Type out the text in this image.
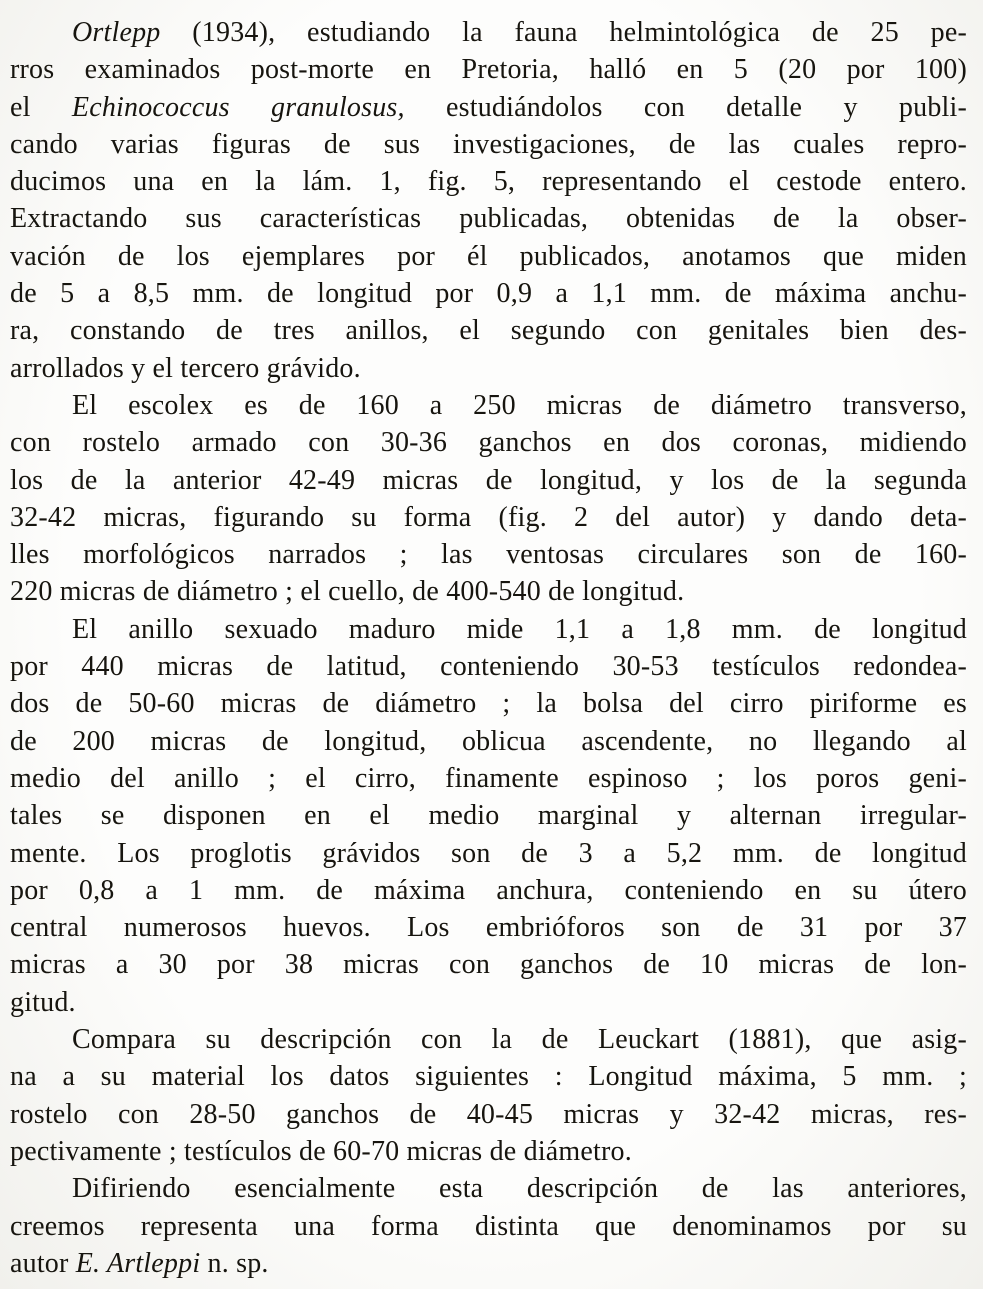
Ortlepp (1934), estudiando la fauna helmintológica de 25 pe-
rros examinados post-morte en Pretoria, halló en 5 (20 por 100)
el Echinococcus granulosus, estudiándolos con detalle y publi-
cando varias figuras de sus investigaciones, de las cuales repro-
ducimos una en la lám. 1, fig. 5, representando el cestode entero.
Extractando sus características publicadas, obtenidas de la obser-
vación de los ejemplares por él publicados, anotamos que miden
de 5 a 8,5 mm. de longitud por 0,9 a 1,1 mm. de máxima anchu-
ra, constando de tres anillos, el segundo con genitales bien des-
arrollados y el tercero grávido.
El escolex es de 160 a 250 micras de diámetro transverso,
con rostelo armado con 30-36 ganchos en dos coronas, midiendo
los de la anterior 42-49 micras de longitud, y los de la segunda
32-42 micras, figurando su forma (fig. 2 del autor) y dando deta-
lles morfológicos narrados ; las ventosas circulares son de 160-
220 micras de diámetro ; el cuello, de 400-540 de longitud.
El anillo sexuado maduro mide 1,1 a 1,8 mm. de longitud
por 440 micras de latitud, conteniendo 30-53 testículos redondea-
dos de 50-60 micras de diámetro ; la bolsa del cirro piriforme es
de 200 micras de longitud, oblicua ascendente, no llegando al
medio del anillo ; el cirro, finamente espinoso ; los poros geni-
tales se disponen en el medio marginal y alternan irregular-
mente. Los proglotis grávidos son de 3 a 5,2 mm. de longitud
por 0,8 a 1 mm. de máxima anchura, conteniendo en su útero
central numerosos huevos. Los embrióforos son de 31 por 37
micras a 30 por 38 micras con ganchos de 10 micras de lon-
gitud.
Compara su descripción con la de Leuckart (1881), que asig-
na a su material los datos siguientes : Longitud máxima, 5 mm. ;
rostelo con 28-50 ganchos de 40-45 micras y 32-42 micras, res-
pectivamente ; testículos de 60-70 micras de diámetro.
Difiriendo esencialmente esta descripción de las anteriores,
creemos representa una forma distinta que denominamos por su
autor E. Artleppi n. sp.
